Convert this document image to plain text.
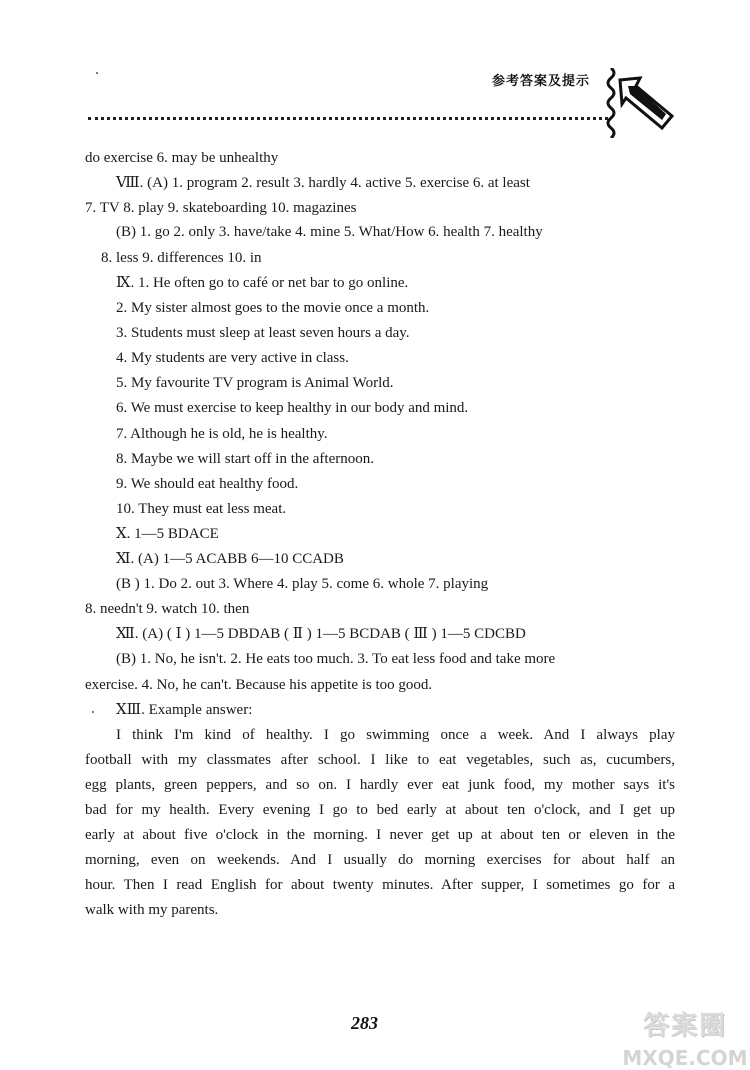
参考答案及提示
do exercise 6. may be unhealthy
Ⅷ. (A) 1. program 2. result 3. hardly 4. active 5. exercise 6. at least
7. TV 8. play 9. skateboarding 10. magazines
(B) 1. go 2. only 3. have/take 4. mine 5. What/How 6. health 7. healthy
8. less 9. differences 10. in
Ⅸ. 1. He often go to café or net bar to go online.
2. My sister almost goes to the movie once a month.
3. Students must sleep at least seven hours a day.
4. My students are very active in class.
5. My favourite TV program is Animal World.
6. We must exercise to keep healthy in our body and mind.
7. Although he is old, he is healthy.
8. Maybe we will start off in the afternoon.
9. We should eat healthy food.
10. They must eat less meat.
Ⅹ. 1—5 BDACE
Ⅺ. (A) 1—5 ACABB 6—10 CCADB
(B ) 1. Do 2. out 3. Where 4. play 5. come 6. whole 7. playing
8. needn't 9. watch 10. then
Ⅻ. (A) ( Ⅰ ) 1—5 DBDAB ( Ⅱ ) 1—5 BCDAB ( Ⅲ ) 1—5 CDCBD
(B) 1. No, he isn't. 2. He eats too much. 3. To eat less food and take more
exercise. 4. No, he can't. Because his appetite is too good.
ⅩⅢ. Example answer:
I think I'm kind of healthy. I go swimming once a week. And I always play
football with my classmates after school. I like to eat vegetables, such as, cucumbers,
egg plants, green peppers, and so on. I hardly ever eat junk food, my mother says it's
bad for my health. Every evening I go to bed early at about ten o'clock, and I get up
early at about five o'clock in the morning. I never get up at about ten or eleven in the
morning, even on weekends. And I usually do morning exercises for about half an
hour. Then I read English for about twenty minutes. After supper, I sometimes go for a
walk with my parents.
283	答案圈
MXQE.COM
